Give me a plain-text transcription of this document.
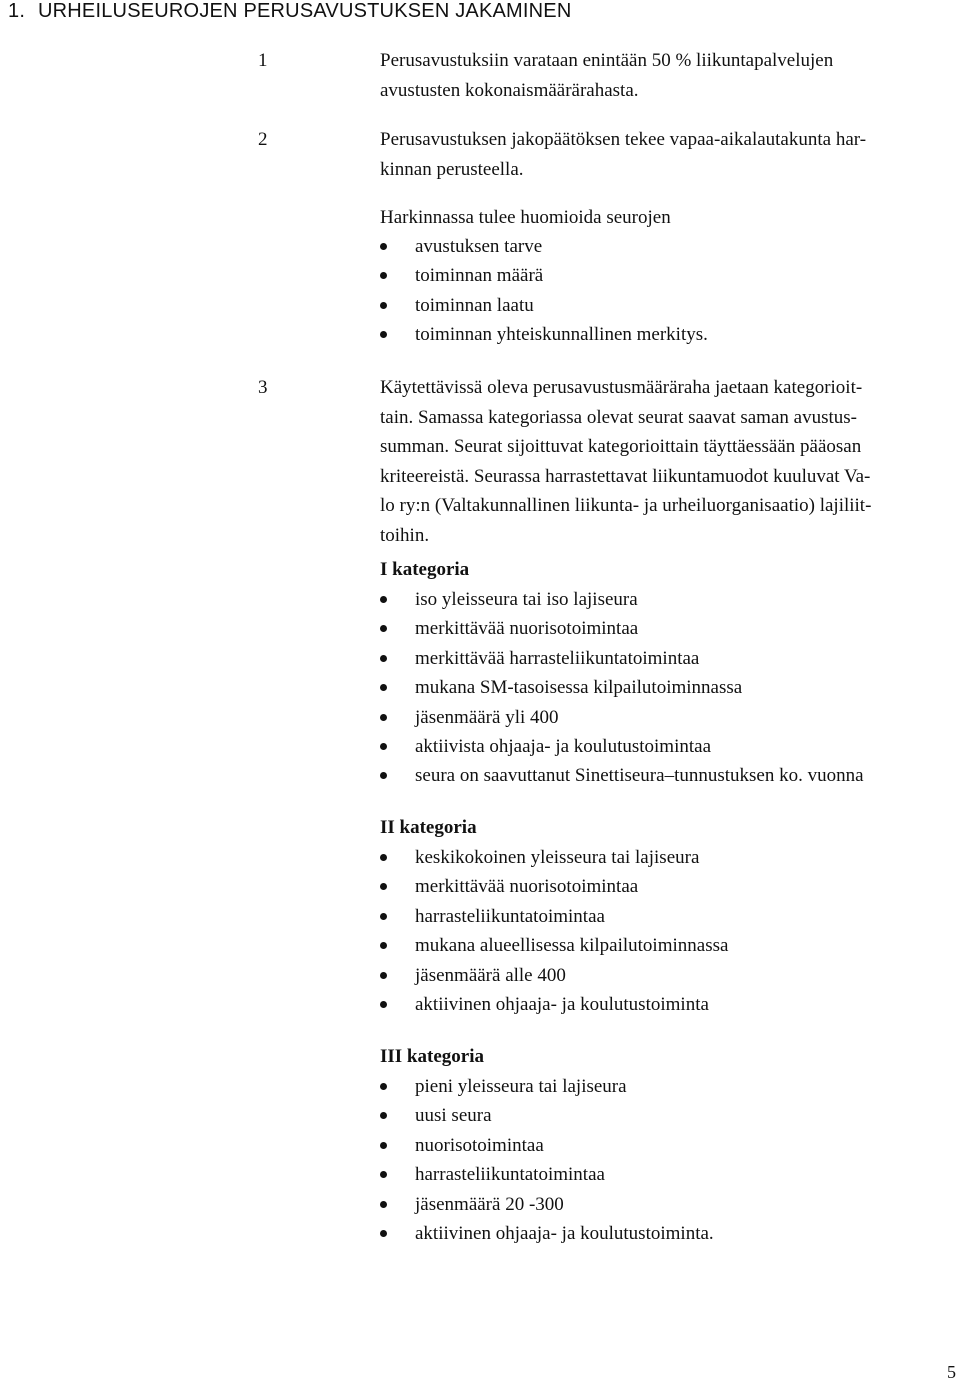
1. URHEILUSEUROJEN PERUSAVUSTUKSEN JAKAMINEN
1	Perusavustuksiin varataan enintään 50 % liikuntapalvelujen
avustusten kokonaismäärärahasta.
2	Perusavustuksen jakopäätöksen tekee vapaa-aikalautakunta har-
kinnan perusteella.
Harkinnassa tulee huomioida seurojen
avustuksen tarve
toiminnan määrä
toiminnan laatu
toiminnan yhteiskunnallinen merkitys.
3	Käytettävissä oleva perusavustusmääräraha jaetaan kategorioit-
tain. Samassa kategoriassa olevat seurat saavat saman avustus-
summan. Seurat sijoittuvat kategorioittain täyttäessään pääosan
kriteereistä. Seurassa harrastettavat liikuntamuodot kuuluvat Va-
lo ry:n (Valtakunnallinen liikunta- ja urheiluorganisaatio) lajiliit-
toihin.
I kategoria
iso yleisseura tai iso lajiseura
merkittävää nuorisotoimintaa
merkittävää harrasteliikuntatoimintaa
mukana SM-tasoisessa kilpailutoiminnassa
jäsenmäärä yli 400
aktiivista ohjaaja- ja koulutustoimintaa
seura on saavuttanut Sinettiseura–tunnustuksen ko. vuonna
II kategoria
keskikokoinen yleisseura tai lajiseura
merkittävää nuorisotoimintaa
harrasteliikuntatoimintaa
mukana alueellisessa kilpailutoiminnassa
jäsenmäärä alle 400
aktiivinen ohjaaja- ja koulutustoiminta
III kategoria
pieni yleisseura tai lajiseura
uusi seura
nuorisotoimintaa
harrasteliikuntatoimintaa
jäsenmäärä 20 -300
aktiivinen ohjaaja- ja koulutustoiminta.
5
